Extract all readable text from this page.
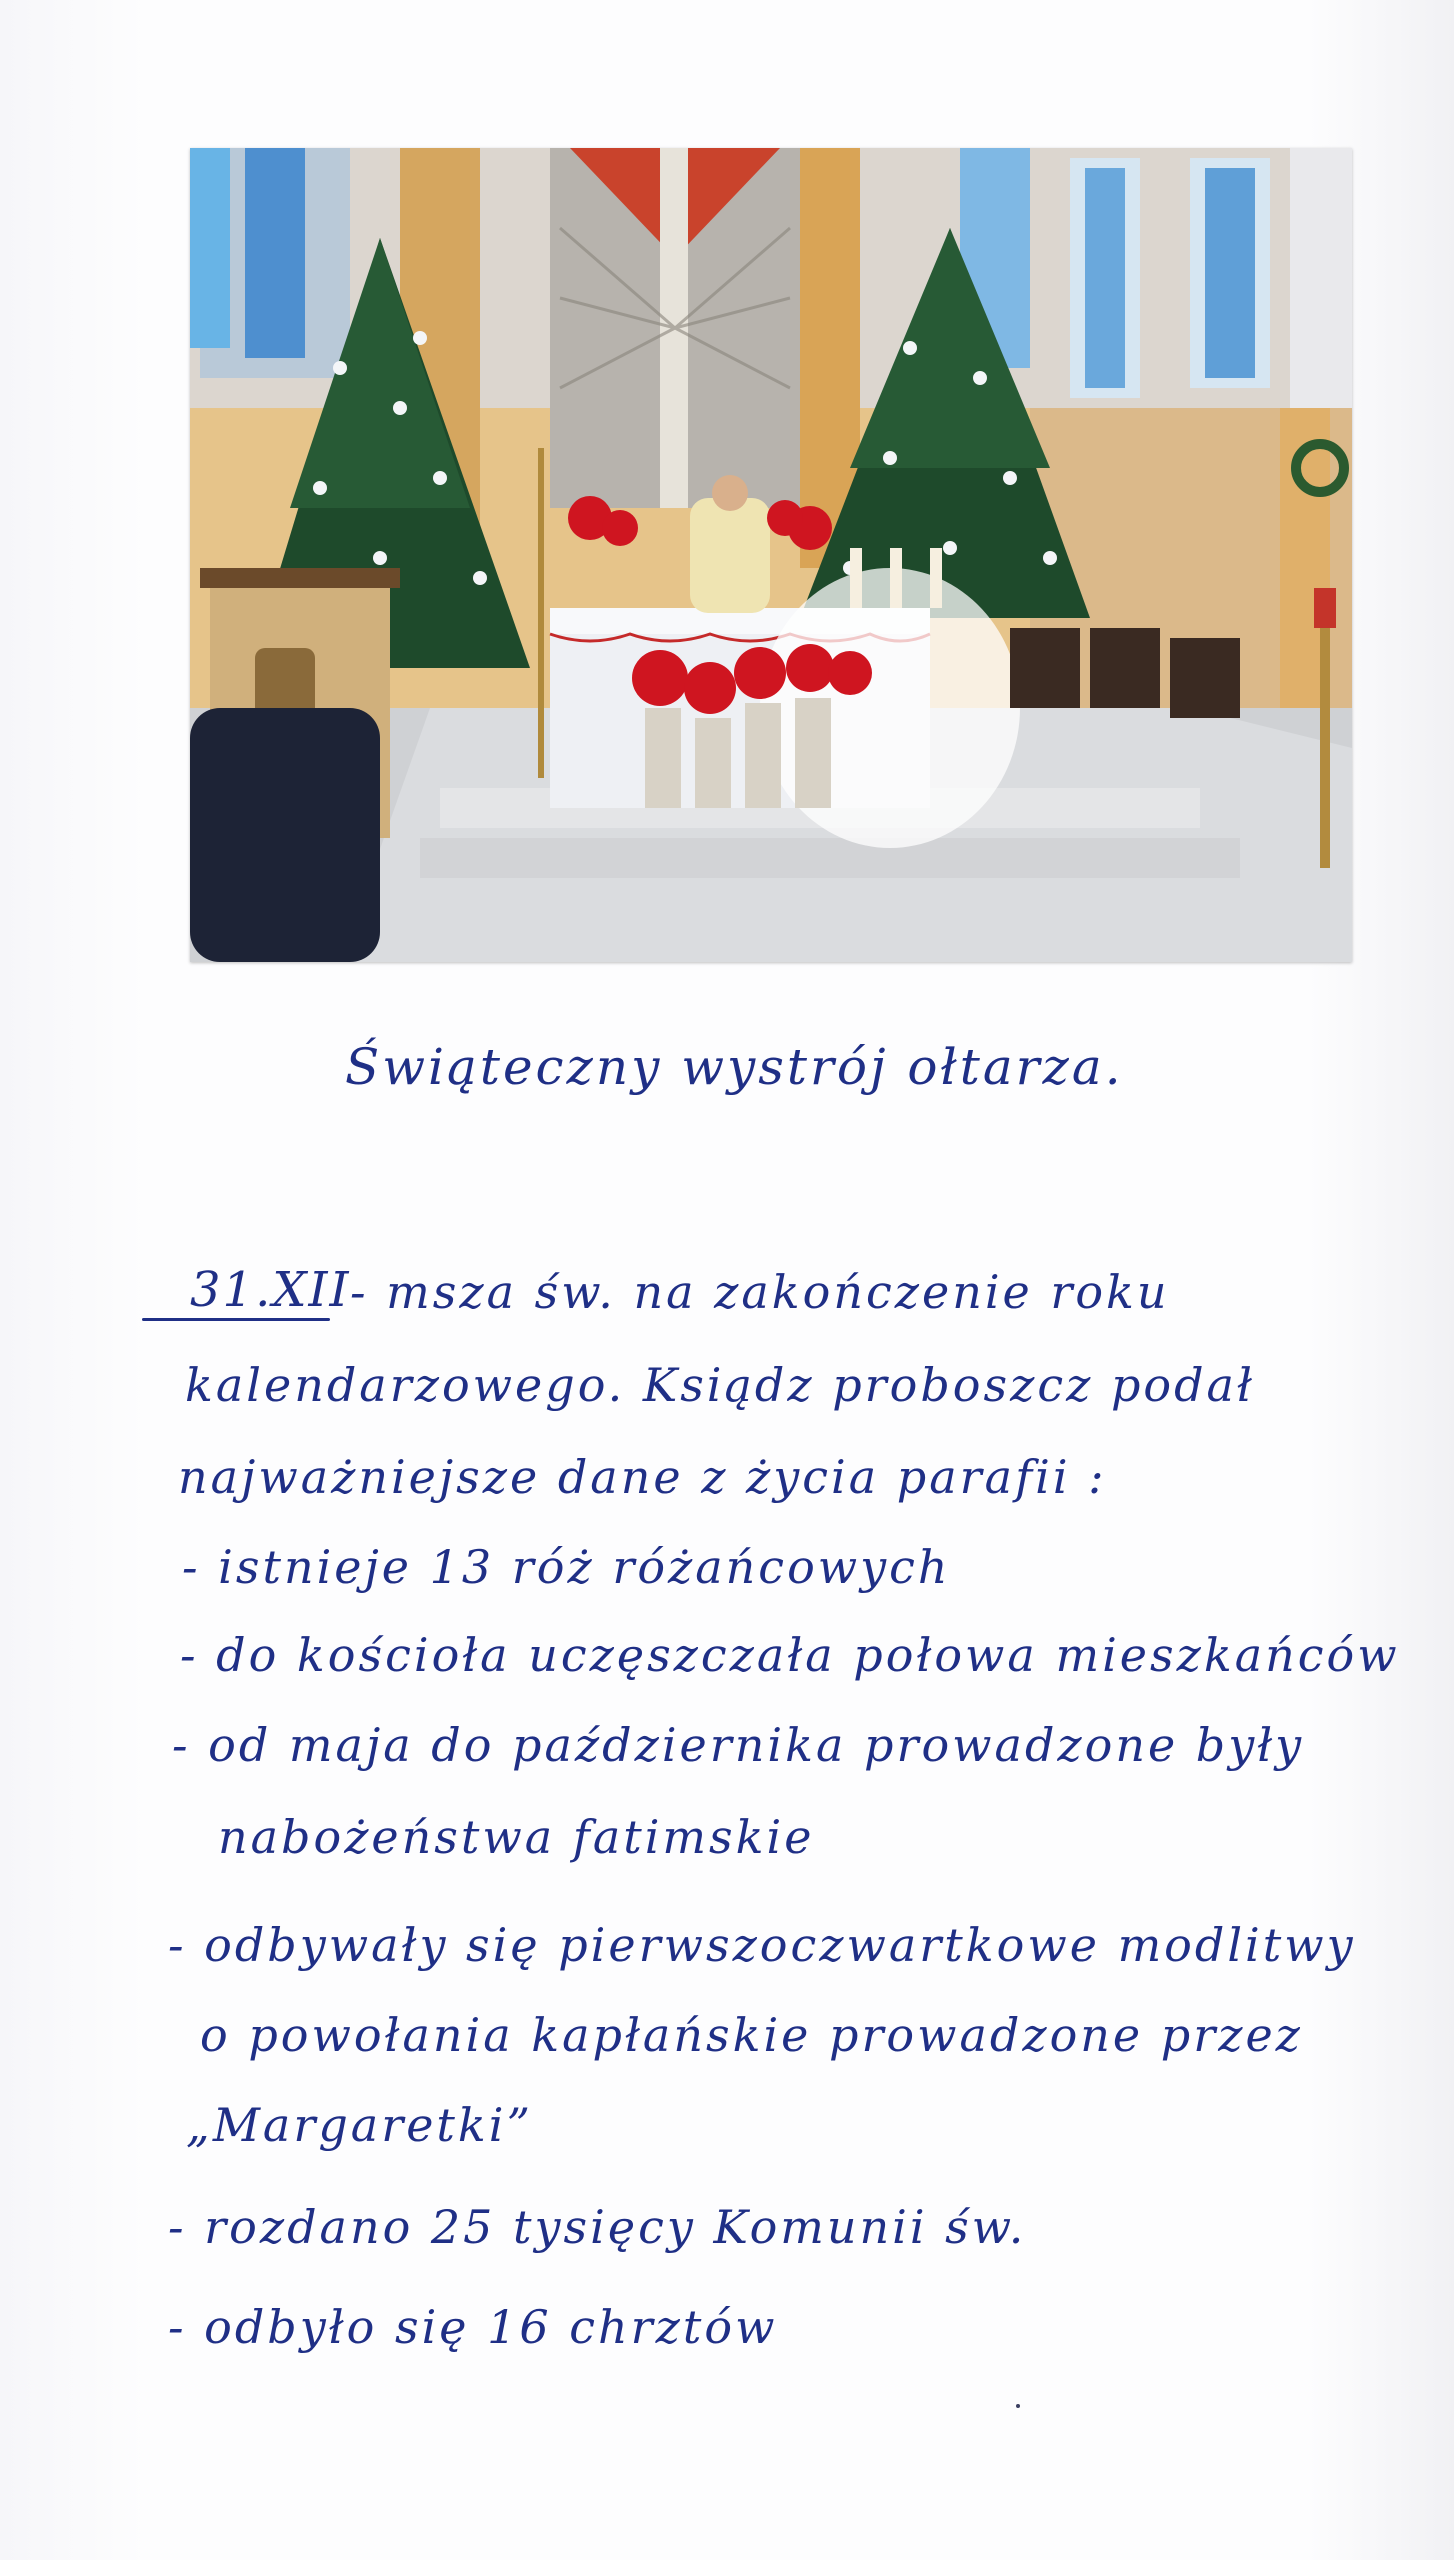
Świąteczny wystrój ołtarza.
31.XII - msza św. na zakończenie roku
kalendarzowego. Ksiądz proboszcz podał
najważniejsze dane z życia parafii :
- istnieje 13 róż różańcowych
- do kościoła uczęszczała połowa mieszkańców
- od maja do października prowadzone były
nabożeństwa fatimskie
- odbywały się pierwszoczwartkowe modlitwy
o powołania kapłańskie prowadzone przez
„Margaretki”
- rozdano 25 tysięcy Komunii św.
- odbyło się 16 chrztów
